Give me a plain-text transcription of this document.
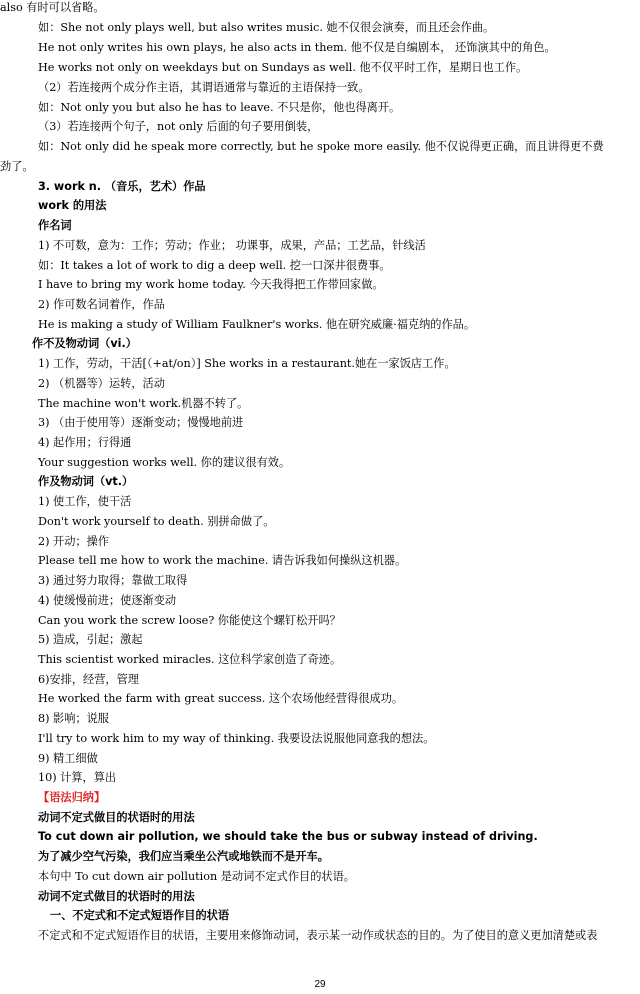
also 有时可以省略。
如：She not only plays well, but also writes music. 她不仅很会演奏，而且还会作曲。
He not only writes his own plays, he also acts in them. 他不仅是自编剧本， 还饰演其中的角色。
He works not only on weekdays but on Sundays as well. 他不仅平时工作，星期日也工作。
（2）若连接两个成分作主语，其谓语通常与靠近的主语保持一致。
如：Not only you but also he has to leave. 不只是你，他也得离开。
（3）若连接两个句子，not only 后面的句子要用倒装，
如：Not only did he speak more correctly, but he spoke more easily. 他不仅说得更正确，而且讲得更不费
劲了。
3. work n. （音乐，艺术）作品
work 的用法
作名词
1) 不可数，意为：工作；劳动；作业； 功课事，成果，产品；工艺品，针线活
如：It takes a lot of work to dig a deep well. 挖一口深井很费事。
I have to bring my work home today. 今天我得把工作带回家做。
2) 作可数名词着作，作品
He is making a study of William Faulkner's works. 他在研究威廉·福克纳的作品。
作不及物动词（vi.）
1) 工作，劳动，干活[（+at/on）] She works in a restaurant.她在一家饭店工作。
2) （机器等）运转，活动
The machine won't work.机器不转了。
3) （由于使用等）逐渐变动；慢慢地前进
4) 起作用；行得通
Your suggestion works well. 你的建议很有效。
作及物动词（vt.）
1) 使工作，使干活
Don't work yourself to death. 别拼命做了。
2) 开动；操作
Please tell me how to work the machine. 请告诉我如何操纵这机器。
3) 通过努力取得；靠做工取得
4) 使缓慢前进；使逐渐变动
Can you work the screw loose? 你能使这个螺钉松开吗？
5) 造成，引起；激起
This scientist worked miracles. 这位科学家创造了奇迹。
6)安排，经营，管理
He worked the farm with great success. 这个农场他经营得很成功。
8) 影响；说服
I'll try to work him to my way of thinking. 我要设法说服他同意我的想法。
9) 精工细做
10) 计算，算出
【语法归纳】
动词不定式做目的状语时的用法
To cut down air pollution, we should take the bus or subway instead of driving.
为了减少空气污染，我们应当乘坐公汽或地铁而不是开车。
本句中 To cut down air pollution 是动词不定式作目的状语。
动词不定式做目的状语时的用法
一、不定式和不定式短语作目的状语
不定式和不定式短语作目的状语，主要用来修饰动词，表示某一动作或状态的目的。为了使目的意义更加清楚或表
29
